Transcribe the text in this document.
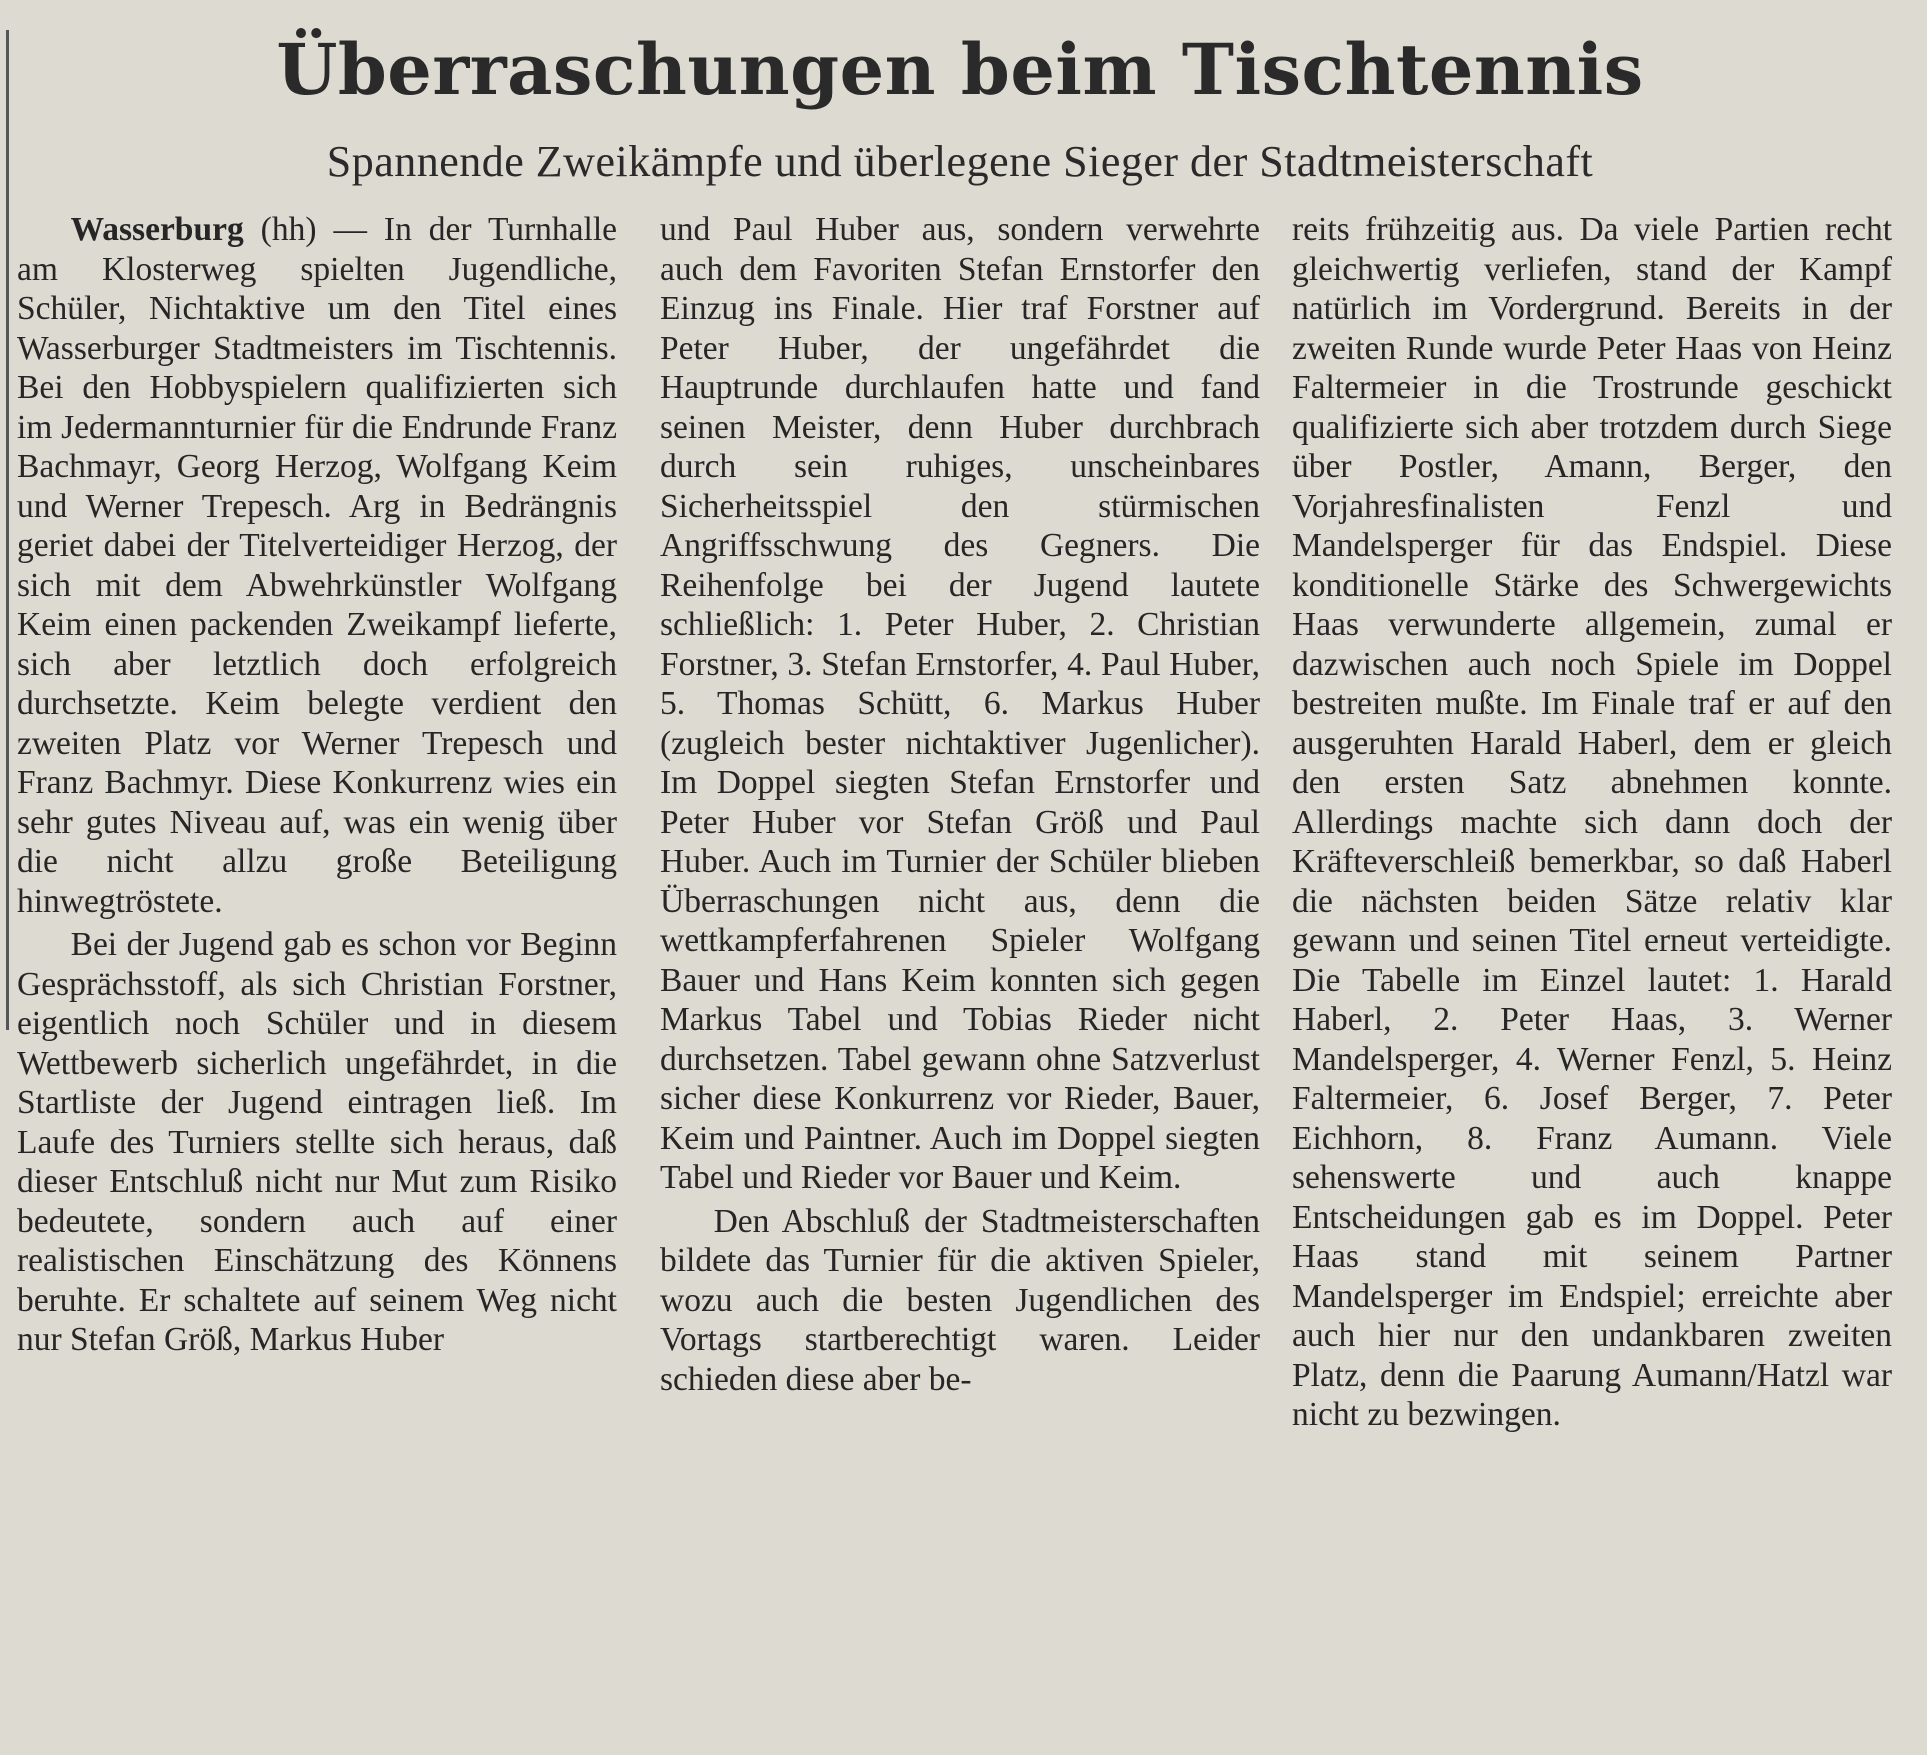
Überraschungen beim Tischtennis
Spannende Zweikämpfe und überlegene Sieger der Stadtmeisterschaft

Wasserburg (hh) — In der Turnhalle am Klosterweg spielten Jugendliche, Schüler, Nichtaktive um den Titel eines Wasserburger Stadtmeisters im Tischtennis. Bei den Hobbyspielern qualifizierten sich im Jedermannturnier für die Endrunde Franz Bachmayr, Georg Herzog, Wolfgang Keim und Werner Trepesch. Arg in Bedrängnis geriet dabei der Titelverteidiger Herzog, der sich mit dem Abwehrkünstler Wolfgang Keim einen packenden Zweikampf lieferte, sich aber letztlich doch erfolgreich durchsetzte. Keim belegte verdient den zweiten Platz vor Werner Trepesch und Franz Bachmyr. Diese Konkurrenz wies ein sehr gutes Niveau auf, was ein wenig über die nicht allzu große Beteiligung hinwegtröstete.

Bei der Jugend gab es schon vor Beginn Gesprächsstoff, als sich Christian Forstner, eigentlich noch Schüler und in diesem Wettbewerb sicherlich ungefährdet, in die Startliste der Jugend eintragen ließ. Im Laufe des Turniers stellte sich heraus, daß dieser Entschluß nicht nur Mut zum Risiko bedeutete, sondern auch auf einer realistischen Einschätzung des Könnens beruhte. Er schaltete auf seinem Weg nicht nur Stefan Größ, Markus Huber

und Paul Huber aus, sondern verwehrte auch dem Favoriten Stefan Ernstorfer den Einzug ins Finale. Hier traf Forstner auf Peter Huber, der ungefährdet die Hauptrunde durchlaufen hatte und fand seinen Meister, denn Huber durchbrach durch sein ruhiges, unscheinbares Sicherheitsspiel den stürmischen Angriffsschwung des Gegners. Die Reihenfolge bei der Jugend lautete schließlich: 1. Peter Huber, 2. Christian Forstner, 3. Stefan Ernstorfer, 4. Paul Huber, 5. Thomas Schütt, 6. Markus Huber (zugleich bester nichtaktiver Jugenlicher). Im Doppel siegten Stefan Ernstorfer und Peter Huber vor Stefan Größ und Paul Huber. Auch im Turnier der Schüler blieben Überraschungen nicht aus, denn die wettkampferfahrenen Spieler Wolfgang Bauer und Hans Keim konnten sich gegen Markus Tabel und Tobias Rieder nicht durchsetzen. Tabel gewann ohne Satzverlust sicher diese Konkurrenz vor Rieder, Bauer, Keim und Paintner. Auch im Doppel siegten Tabel und Rieder vor Bauer und Keim.

Den Abschluß der Stadtmeisterschaften bildete das Turnier für die aktiven Spieler, wozu auch die besten Jugendlichen des Vortags startberechtigt waren. Leider schieden diese aber be-

reits frühzeitig aus. Da viele Partien recht gleichwertig verliefen, stand der Kampf natürlich im Vordergrund. Bereits in der zweiten Runde wurde Peter Haas von Heinz Faltermeier in die Trostrunde geschickt qualifizierte sich aber trotzdem durch Siege über Postler, Amann, Berger, den Vorjahresfinalisten Fenzl und Mandelsperger für das Endspiel. Diese konditionelle Stärke des Schwergewichts Haas verwunderte allgemein, zumal er dazwischen auch noch Spiele im Doppel bestreiten mußte. Im Finale traf er auf den ausgeruhten Harald Haberl, dem er gleich den ersten Satz abnehmen konnte. Allerdings machte sich dann doch der Kräfteverschleiß bemerkbar, so daß Haberl die nächsten beiden Sätze relativ klar gewann und seinen Titel erneut verteidigte. Die Tabelle im Einzel lautet: 1. Harald Haberl, 2. Peter Haas, 3. Werner Mandelsperger, 4. Werner Fenzl, 5. Heinz Faltermeier, 6. Josef Berger, 7. Peter Eichhorn, 8. Franz Aumann. Viele sehenswerte und auch knappe Entscheidungen gab es im Doppel. Peter Haas stand mit seinem Partner Mandelsperger im Endspiel; erreichte aber auch hier nur den undankbaren zweiten Platz, denn die Paarung Aumann/Hatzl war nicht zu bezwingen.
